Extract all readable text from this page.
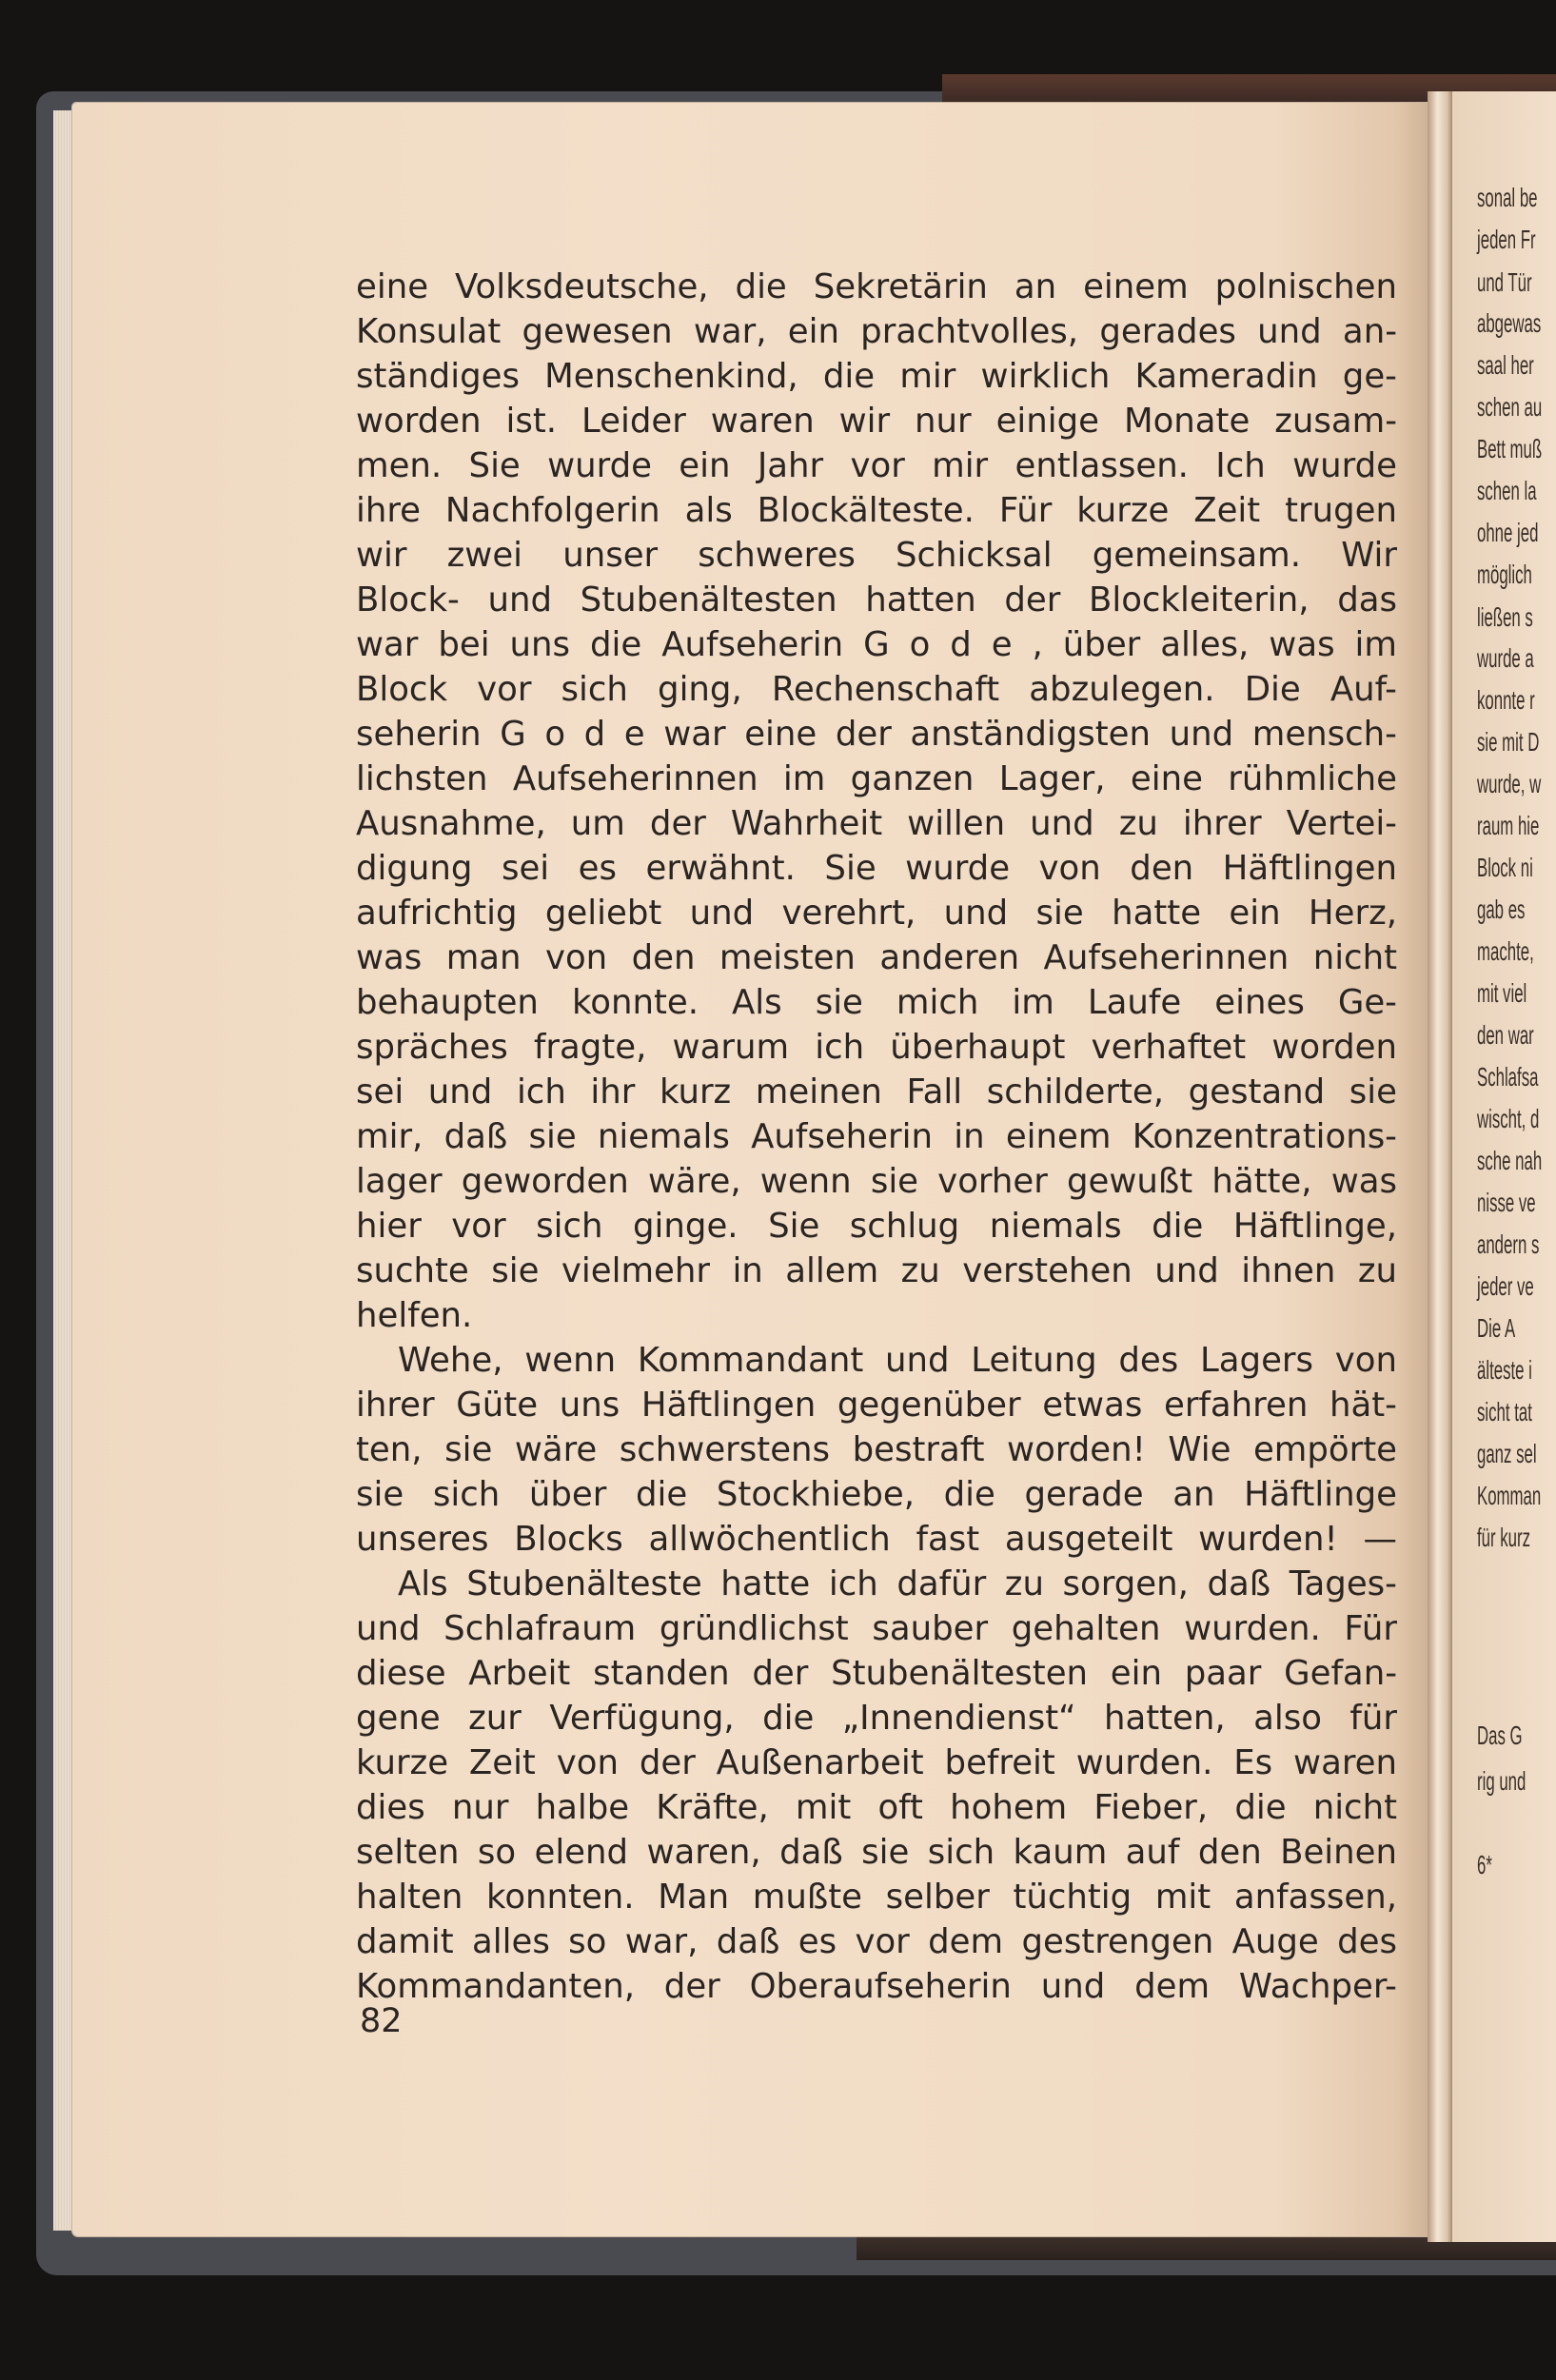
sonal be
jeden Fr
und Tür
abgewas
saal her
schen au
Bett muß
schen la
ohne jed
möglich
ließen s
wurde a
konnte r
sie mit D
wurde, w
raum hie
Block ni
gab es
machte,
mit viel
den war
Schlafsa
wischt, d
sche nah
nisse ve
andern s
jeder ve
Die A
älteste i
sicht tat
ganz sel
Komman
für kurz
Das G
rig und
6*
eine Volksdeutsche, die Sekretärin an einem polnischen
Konsulat gewesen war, ein prachtvolles, gerades und an-
ständiges Menschenkind, die mir wirklich Kameradin ge-
worden ist. Leider waren wir nur einige Monate zusam-
men. Sie wurde ein Jahr vor mir entlassen. Ich wurde
ihre Nachfolgerin als Blockälteste. Für kurze Zeit trugen
wir zwei unser schweres Schicksal gemeinsam. Wir
Block- und Stubenältesten hatten der Blockleiterin, das
war bei uns die Aufseherin G o d e , über alles, was im
Block vor sich ging, Rechenschaft abzulegen. Die Auf-
seherin G o d e war eine der anständigsten und mensch-
lichsten Aufseherinnen im ganzen Lager, eine rühmliche
Ausnahme, um der Wahrheit willen und zu ihrer Vertei-
digung sei es erwähnt. Sie wurde von den Häftlingen
aufrichtig geliebt und verehrt, und sie hatte ein Herz,
was man von den meisten anderen Aufseherinnen nicht
behaupten konnte. Als sie mich im Laufe eines Ge-
spräches fragte, warum ich überhaupt verhaftet worden
sei und ich ihr kurz meinen Fall schilderte, gestand sie
mir, daß sie niemals Aufseherin in einem Konzentrations-
lager geworden wäre, wenn sie vorher gewußt hätte, was
hier vor sich ginge. Sie schlug niemals die Häftlinge,
suchte sie vielmehr in allem zu verstehen und ihnen zu
helfen.
Wehe, wenn Kommandant und Leitung des Lagers von
ihrer Güte uns Häftlingen gegenüber etwas erfahren hät-
ten, sie wäre schwerstens bestraft worden! Wie empörte
sie sich über die Stockhiebe, die gerade an Häftlinge
unseres Blocks allwöchentlich fast ausgeteilt wurden! —
Als Stubenälteste hatte ich dafür zu sorgen, daß Tages-
und Schlafraum gründlichst sauber gehalten wurden. Für
diese Arbeit standen der Stubenältesten ein paar Gefan-
gene zur Verfügung, die „Innendienst“ hatten, also für
kurze Zeit von der Außenarbeit befreit wurden. Es waren
dies nur halbe Kräfte, mit oft hohem Fieber, die nicht
selten so elend waren, daß sie sich kaum auf den Beinen
halten konnten. Man mußte selber tüchtig mit anfassen,
damit alles so war, daß es vor dem gestrengen Auge des
Kommandanten, der Oberaufseherin und dem Wachper-
82
